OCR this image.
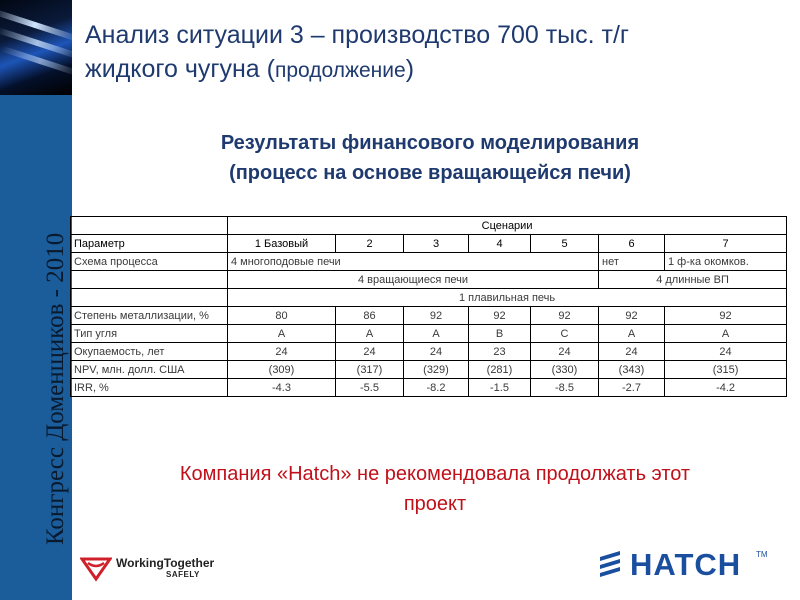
Конгресс Доменщиков - 2010
Анализ ситуации 3 – производство 700 тыс. т/г
жидкого чугуна (продолжение)
Результаты финансового моделирования
(процесс на основе вращающейся печи)
	Сценарии						
Параметр	1 Базовый	2	3	4	5	6	7
Схема процесса	4 многоподовые печи					нет	1 ф-ка окомков.
	4 вращающиеся печи					4 длинные ВП	
	1 плавильная печь						
Степень металлизации, %	80	86	92	92	92	92	92
Тип угля	A	A	A	B	C	A	A
Окупаемость, лет	24	24	24	23	24	24	24
NPV, млн. долл. США	(309)	(317)	(329)	(281)	(330)	(343)	(315)
IRR, %	-4.3	-5.5	-8.2	-1.5	-8.5	-2.7	-4.2
Компания «Hatch» не рекомендовала продолжать этот
проект
WorkingTogether
SAFELY	HATCH TM
